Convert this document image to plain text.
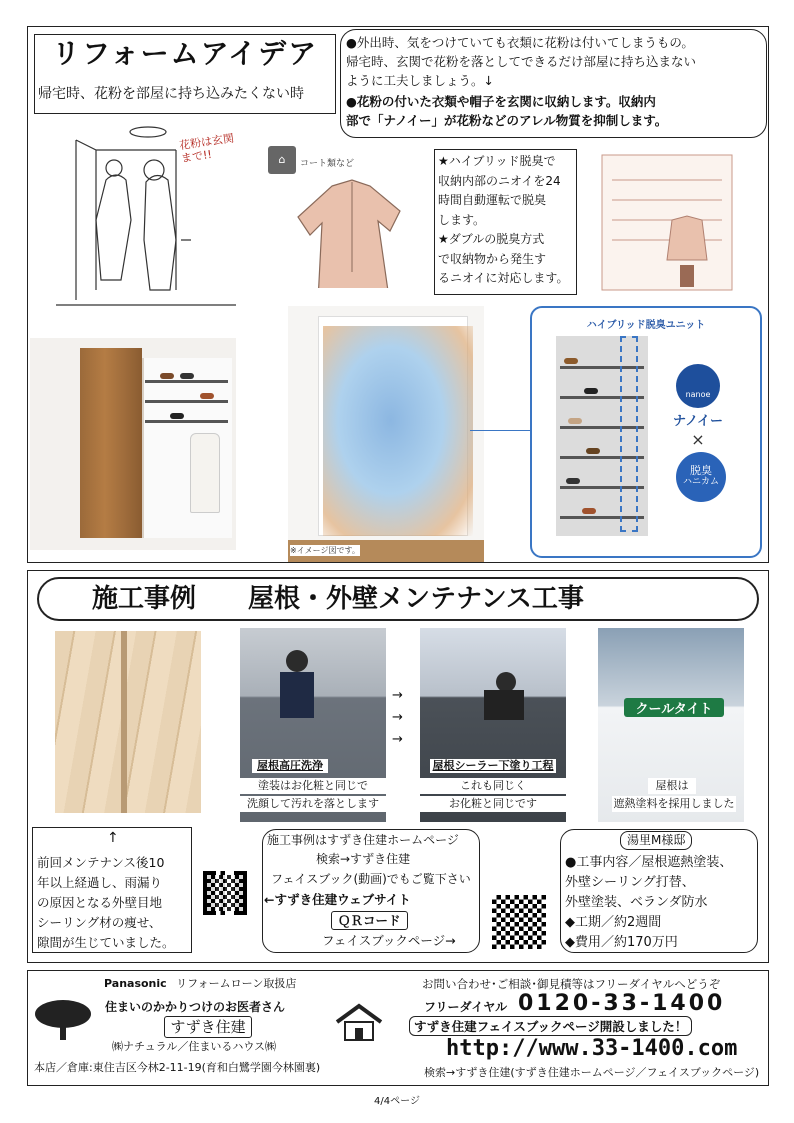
リフォームアイデア
帰宅時、花粉を部屋に持ち込みたくない時
●外出時、気をつけていても衣類に花粉は付いてしまうもの。
帰宅時、玄関で花粉を落としてできるだけ部屋に持ち込まない
ように工夫しましょう。↓
●花粉の付いた衣類や帽子を玄関に収納します。収納内
部で「ナノイー」が花粉などのアレル物質を抑制します。
花粉は玄関まで!!	⌂	コート類など	★ハイブリッド脱臭で
収納内部のニオイを24
時間自動運転で脱臭
します。
★ダブルの脱臭方式
で収納物から発生す
るニオイに対応します。
※イメージ図です。
ハイブリッド脱臭ユニット
nanoe
ナノイー
×
脱臭
ハニカム
施工事例　　屋根・外壁メンテナンス工事
↑
屋根高圧洗浄
塗装はお化粧と同じで
洗顔して汚れを落とします
→
→
→
屋根シーラー下塗り工程
これも同じく
お化粧と同じです
クールタイト
屋根は
遮熱塗料を採用しました
前回メンテナンス後10
年以上経過し、雨漏り
の原因となる外壁目地
シーリング材の痩せ、
隙間が生じていました。
施工事例はすずき住建ホームページ
検索→すずき住建
フェイスブック(動画)でもご覧下さい
←すずき住建ウェブサイト
ＱＲコード
フェイスブックページ→
湯里M様邸
●工事内容／屋根遮熱塗装、
外壁シーリング打替、
外壁塗装、ベランダ防水
◆工期／約2週間
◆費用／約170万円
Panasonic リフォームローン取扱店
住まいのかかりつけのお医者さん
すずき住建
㈱ナチュラル／住まいるハウス㈱
本店／倉庫:東住吉区今林2-11-19(育和白鷺学園今林園裏)
お問い合わせ･ご相談･御見積等はフリーダイヤルへどうぞ
フリーダイヤル 0120-33-1400
すずき住建フェイスブックページ開設しました！
http://www.33-1400.com
検索→すずき住建(すずき住建ホームページ／フェイスブックページ)
4/4ページ
